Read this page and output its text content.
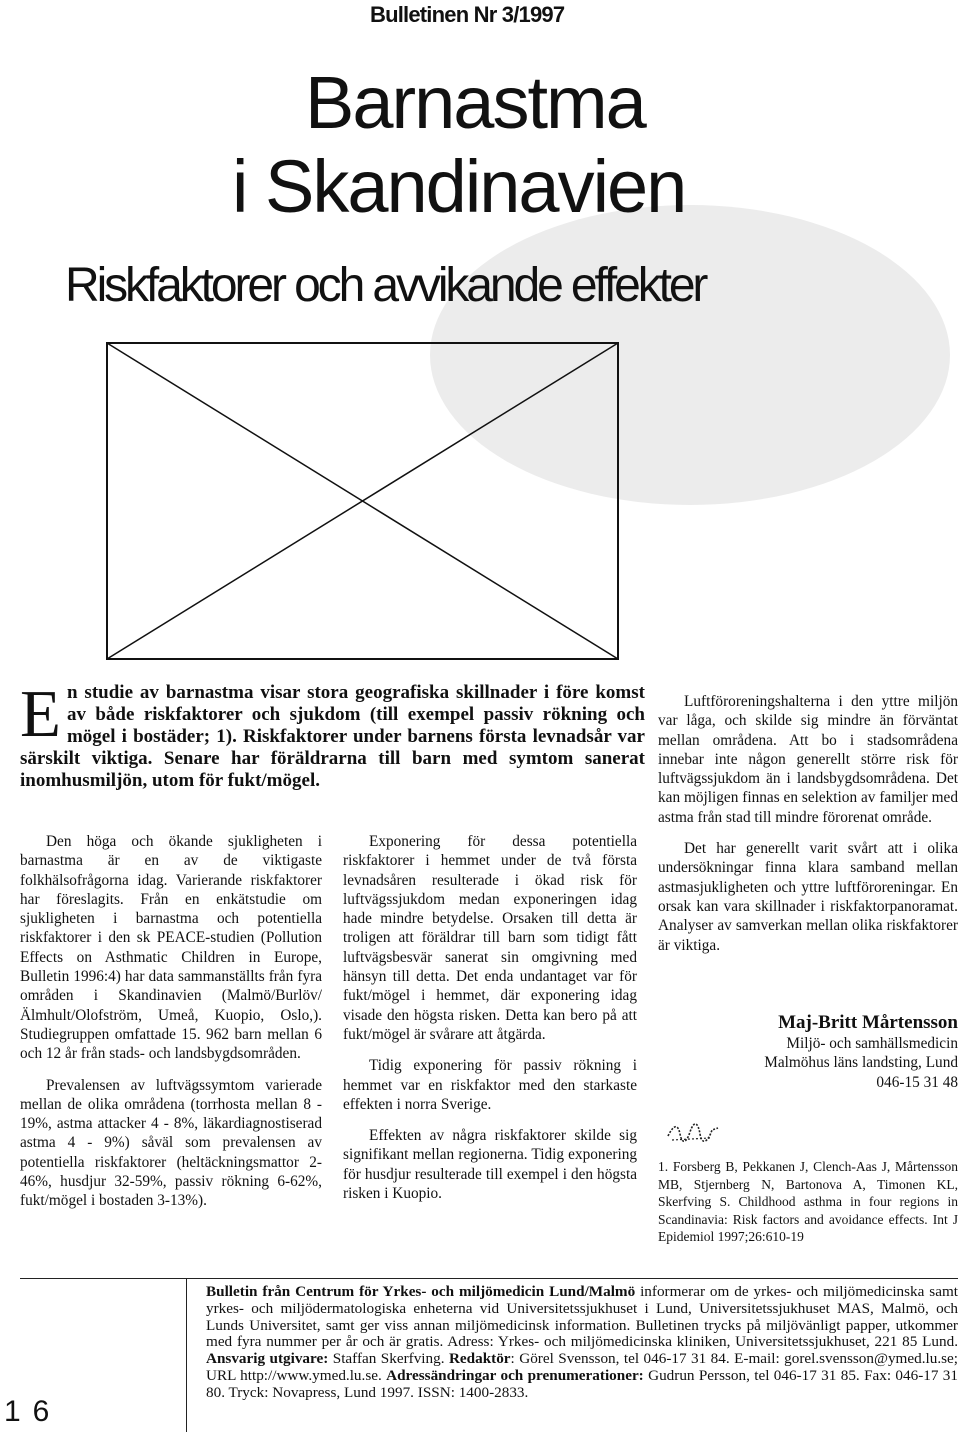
Bulletinen Nr 3/1997
Barnastma
i Skandinavien
Riskfaktorer och avvikande effekter
En studie av barnastma visar stora geografiska skillnader i före komst av både riskfaktorer och sjukdom (till exempel passiv rökning och mögel i bostäder; 1). Riskfaktorer under barnens första levnadsår var särskilt viktiga. Senare har föräldrarna till barn med symtom sanerat inomhusmiljön, utom för fukt/mögel.

Den höga och ökande sjukligheten i barnastma är en av de viktigaste folkhälsofrågorna idag. Varierande riskfaktorer har föreslagits. Från en enkätstudie om sjukligheten i barnastma och potentiella riskfaktorer i den sk PEACE-studien (Pollution Effects on Asthmatic Children in Europe, Bulletin 1996:4) har data sammanställts från fyra områden i Skandinavien (Malmö/Burlöv/Älmhult/Olofström, Umeå, Kuopio, Oslo,). Studiegruppen omfattade 15. 962 barn mellan 6 och 12 år från stads- och landsbygdsområden.

Prevalensen av luftvägssymtom varierade mellan de olika områdena (torrhosta mellan 8 - 19%, astma attacker 4 - 8%, läkardiagnostiserad astma 4 - 9%) såväl som prevalensen av potentiella riskfaktorer (heltäckningsmattor 2-46%, husdjur 32-59%, passiv rökning 6-62%, fukt/mögel i bostaden 3-13%).

Exponering för dessa potentiella riskfaktorer i hemmet under de två första levnadsåren resulterade i ökad risk för luftvägssjukdom medan exponeringen idag hade mindre betydelse. Orsaken till detta är troligen att föräldrar till barn som tidigt fått luftvägsbesvär sanerat sin omgivning med hänsyn till detta. Det enda undantaget var för fukt/mögel i hemmet, där exponering idag visade den högsta risken. Detta kan bero på att fukt/mögel är svårare att åtgärda.

Tidig exponering för passiv rökning i hemmet var en riskfaktor med den starkaste effekten i norra Sverige.

Effekten av några riskfaktorer skilde sig signifikant mellan regionerna. Tidig exponering för husdjur resulterade till exempel i den högsta risken i Kuopio.

Luftföroreningshalterna i den yttre miljön var låga, och skilde sig mindre än förväntat mellan områdena. Att bo i stadsområdena innebar inte någon generellt större risk för luftvägssjukdom än i landsbygdsområdena. Det kan möjligen finnas en selektion av familjer med astma från stad till mindre förorenat område.

Det har generellt varit svårt att i olika undersökningar finna klara samband mellan astmasjukligheten och yttre luftföroreningar. En orsak kan vara skillnader i riskfaktorpanoramat. Analyser av samverkan mellan olika riskfaktorer är viktiga.

Maj-Britt Mårtensson
Miljö- och samhällsmedicin
Malmöhus läns landsting, Lund
046-15 31 48
1. Forsberg B, Pekkanen J, Clench-Aas J, Mårtensson MB, Stjernberg N, Bartonova A, Timonen KL, Skerfving S. Childhood asthma in four regions in Scandinavia: Risk factors and avoidance effects. Int J Epidemiol 1997;26:610-19
Bulletin från Centrum för Yrkes- och miljömedicin Lund/Malmö informerar om de yrkes- och miljömedicinska samt yrkes- och miljödermatologiska enheterna vid Universitetssjukhuset i Lund, Universitetssjukhuset MAS, Malmö, och Lunds Universitet, samt ger viss annan miljömedicinsk information. Bulletinen trycks på miljövänligt papper, utkommer med fyra nummer per år och är gratis. Adress: Yrkes- och miljömedicinska kliniken, Universitetssjukhuset, 221 85 Lund. Ansvarig utgivare: Staffan Skerfving. Redaktör: Görel Svensson, tel 046-17 31 84. E-mail: gorel.svensson@ymed.lu.se; URL http://www.ymed.lu.se. Adressändringar och prenumerationer: Gudrun Persson, tel 046-17 31 85. Fax: 046-17 31 80. Tryck: Novapress, Lund 1997. ISSN: 1400-2833.
16
